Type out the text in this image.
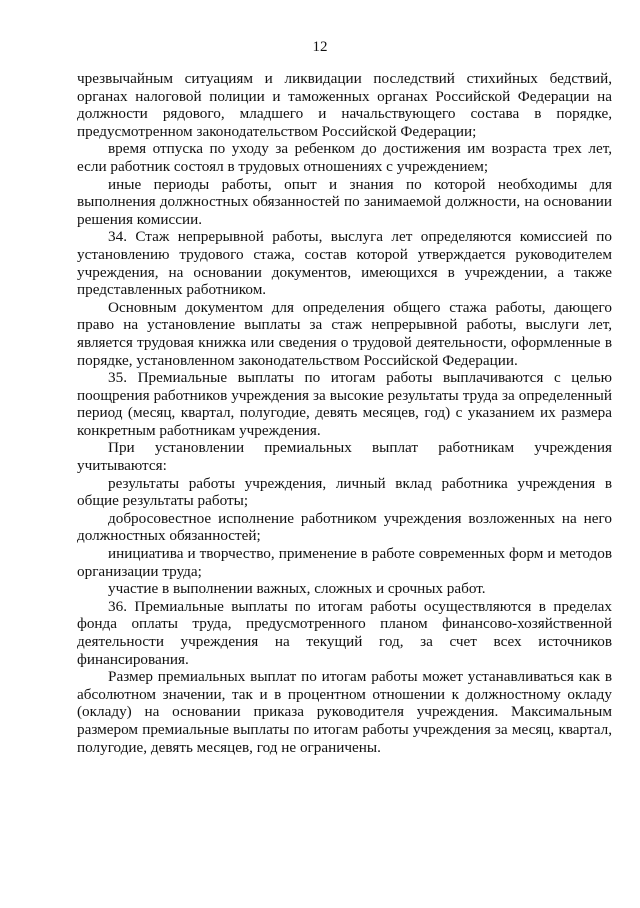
12

чрезвычайным ситуациям и ликвидации последствий стихийных бедствий, органах налоговой полиции и таможенных органах Российской Федерации на должности рядового, младшего и начальствующего состава в порядке, предусмотренном законодательством Российской Федерации;

время отпуска по уходу за ребенком до достижения им возраста трех лет, если работник состоял в трудовых отношениях с учреждением;

иные периоды работы, опыт и знания по которой необходимы для выполнения должностных обязанностей по занимаемой должности, на основании решения комиссии.

34. Стаж непрерывной работы, выслуга лет определяются комиссией по установлению трудового стажа, состав которой утверждается руководителем учреждения, на основании документов, имеющихся в учреждении, а также представленных работником.

Основным документом для определения общего стажа работы, дающего право на установление выплаты за стаж непрерывной работы, выслуги лет, является трудовая книжка или сведения о трудовой деятельности, оформленные в порядке, установленном законодательством Российской Федерации.

35. Премиальные выплаты по итогам работы выплачиваются с целью поощрения работников учреждения за высокие результаты труда за определенный период (месяц, квартал, полугодие, девять месяцев, год) с указанием их размера конкретным работникам учреждения.

При установлении премиальных выплат работникам учреждения учитываются:

результаты работы учреждения, личный вклад работника учреждения в общие результаты работы;

добросовестное исполнение работником учреждения возложенных на него должностных обязанностей;

инициатива и творчество, применение в работе современных форм и методов организации труда;

участие в выполнении важных, сложных и срочных работ.

36. Премиальные выплаты по итогам работы осуществляются в пределах фонда оплаты труда, предусмотренного планом финансово-хозяйственной деятельности учреждения на текущий год, за счет всех источников финансирования.

Размер премиальных выплат по итогам работы может устанавливаться как в абсолютном значении, так и в процентном отношении к должностному окладу (окладу) на основании приказа руководителя учреждения. Максимальным размером премиальные выплаты по итогам работы учреждения за месяц, квартал, полугодие, девять месяцев, год не ограничены.
